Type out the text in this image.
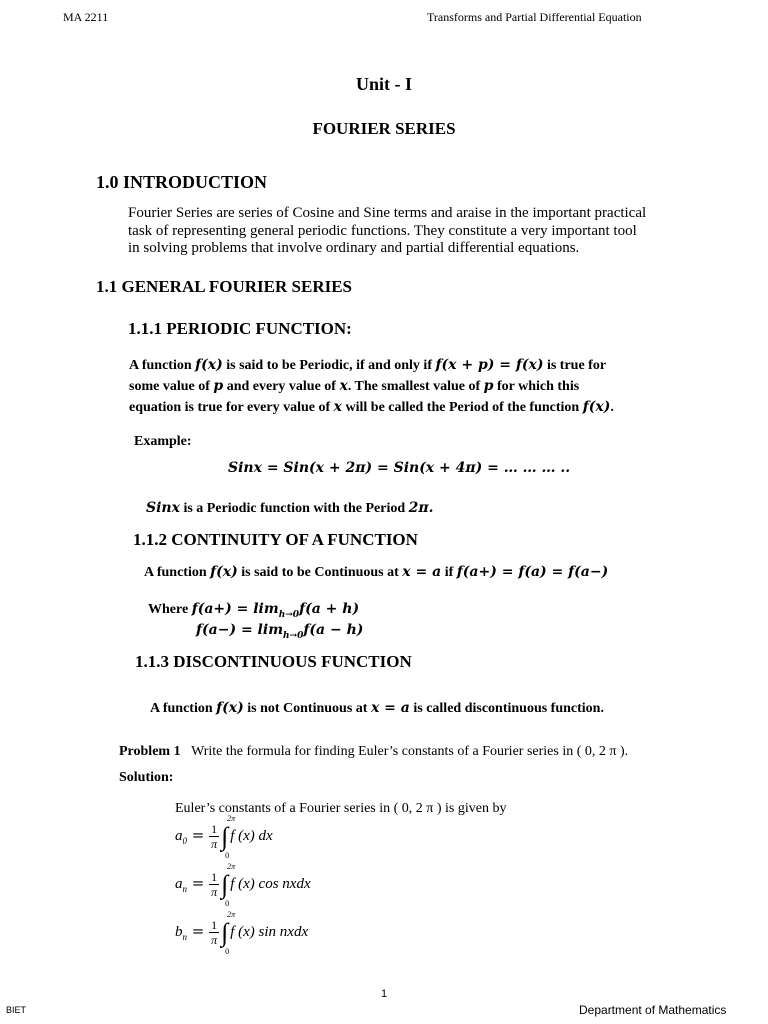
MA 2211	Transforms and Partial Differential Equation
Unit - I
FOURIER SERIES
1.0 INTRODUCTION
Fourier Series are series of Cosine and Sine terms and araise in the important practical
task of representing general periodic functions. They constitute a very important tool
in solving problems that involve ordinary and partial differential equations.
1.1 GENERAL FOURIER SERIES
1.1.1 PERIODIC FUNCTION:
A function f(x) is said to be Periodic, if and only if f(x + p) = f(x) is true for
some value of p and every value of x. The smallest value of p for which this
equation is true for every value of x will be called the Period of the function f(x).
Example:
Sinx = Sin(x + 2π) = Sin(x + 4π) = … … … ..
Sinx is a Periodic function with the Period 2π.
1.1.2 CONTINUITY OF A FUNCTION
A function f(x) is said to be Continuous at x = a if f(a+) = f(a) = f(a−)
Where $f(a+) = \lim_{h\to 0}f(a + h)$
$f(a-) = \lim_{h\to 0}f(a - h)$
1.1.3 DISCONTINUOUS FUNCTION
A function f(x) is not Continuous at x = a is called discontinuous function.
Problem 1 Write the formula for finding Euler’s constants of a Fourier series in ( 0, 2 π ).
Solution:
Euler’s constants of a Fourier series in ( 0, 2 π ) is given by
$a_0 = \frac{1}{\pi}$ ∫
2π
0
f (x) dx
$a_n = \frac{1}{\pi}$ ∫
2π
0
f (x) cos nxdx
$b_n = \frac{1}{\pi}$ ∫
2π
0
f (x) sin nxdx
1
BIET	Department of Mathematics
